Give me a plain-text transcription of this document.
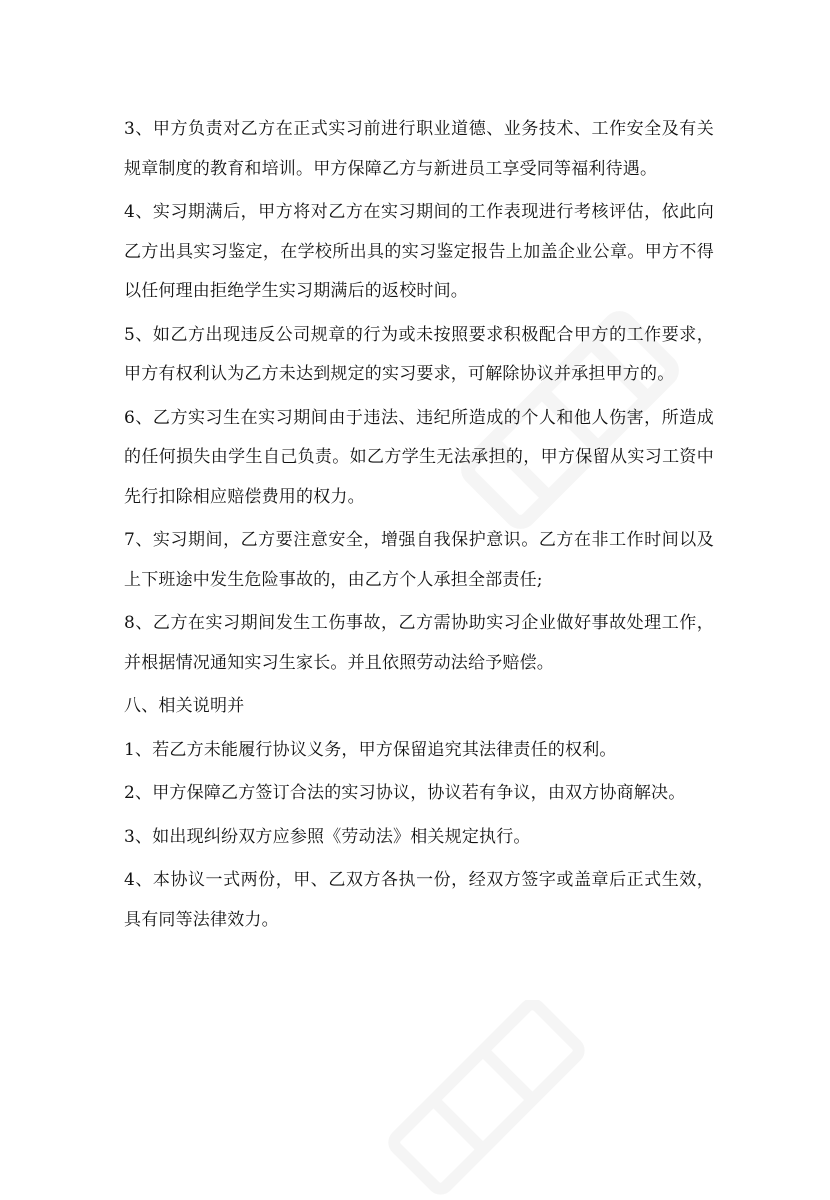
3、甲方负责对乙方在正式实习前进行职业道德、业务技术、工作安全及有关规章制度的教育和培训。甲方保障乙方与新进员工享受同等福利待遇。

4、实习期满后，甲方将对乙方在实习期间的工作表现进行考核评估，依此向乙方出具实习鉴定，在学校所出具的实习鉴定报告上加盖企业公章。甲方不得以任何理由拒绝学生实习期满后的返校时间。

5、如乙方出现违反公司规章的行为或未按照要求积极配合甲方的工作要求，甲方有权利认为乙方未达到规定的实习要求，可解除协议并承担甲方的。

6、乙方实习生在实习期间由于违法、违纪所造成的个人和他人伤害，所造成的任何损失由学生自己负责。如乙方学生无法承担的，甲方保留从实习工资中先行扣除相应赔偿费用的权力。

7、实习期间，乙方要注意安全，增强自我保护意识。乙方在非工作时间以及上下班途中发生危险事故的，由乙方个人承担全部责任;

8、乙方在实习期间发生工伤事故，乙方需协助实习企业做好事故处理工作，并根据情况通知实习生家长。并且依照劳动法给予赔偿。

八、相关说明并

1、若乙方未能履行协议义务，甲方保留追究其法律责任的权利。

2、甲方保障乙方签订合法的实习协议，协议若有争议，由双方协商解决。

3、如出现纠纷双方应参照《劳动法》相关规定执行。

4、本协议一式两份，甲、乙双方各执一份，经双方签字或盖章后正式生效，具有同等法律效力。
